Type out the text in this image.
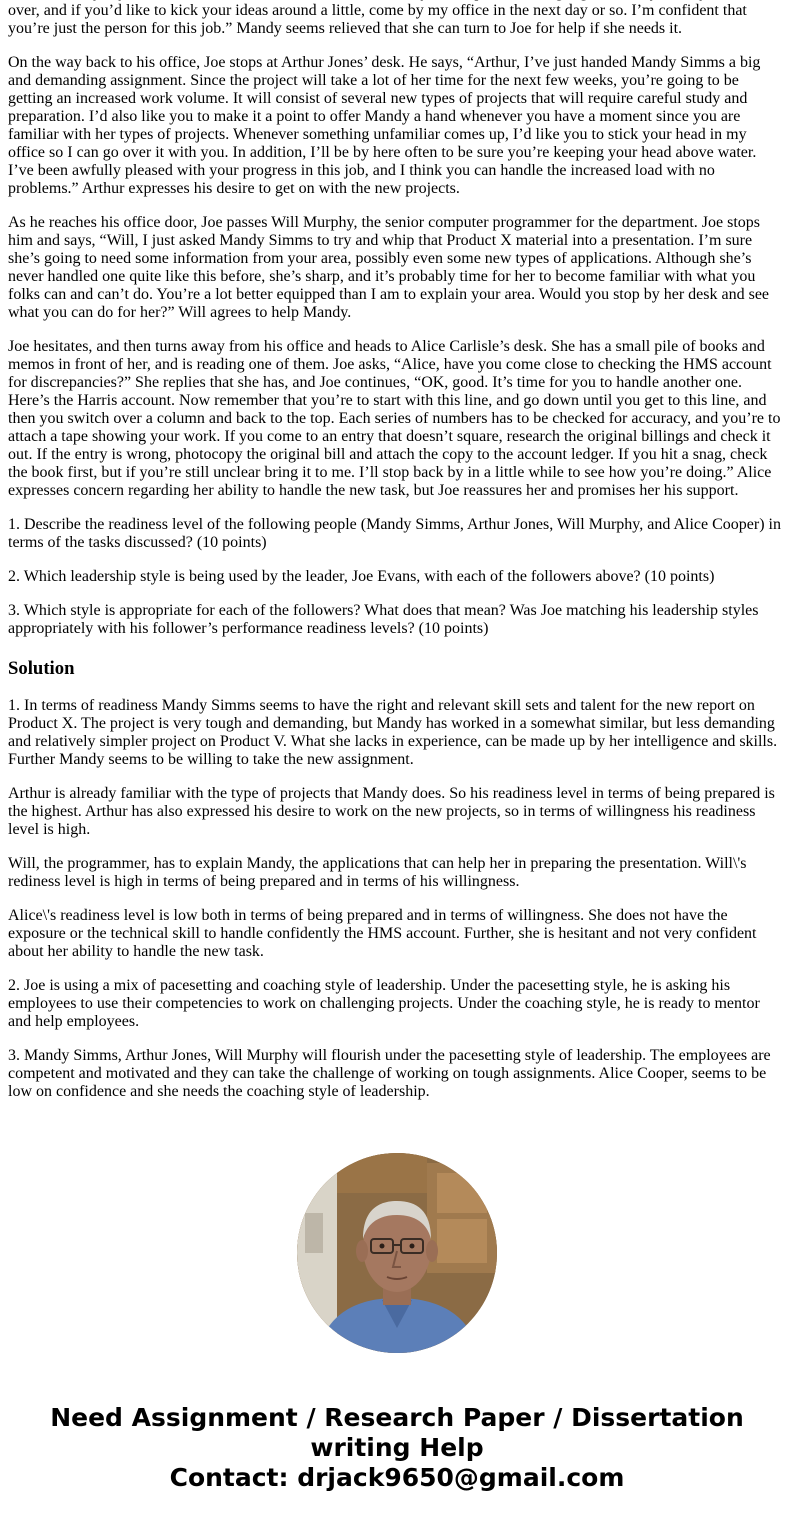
over, and if you’d like to kick your ideas around a little, come by my office in the next day or so. I’m confident that you’re just the person for this job.” Mandy seems relieved that she can turn to Joe for help if she needs it.

On the way back to his office, Joe stops at Arthur Jones’ desk. He says, “Arthur, I’ve just handed Mandy Simms a big and demanding assignment. Since the project will take a lot of her time for the next few weeks, you’re going to be getting an increased work volume. It will consist of several new types of projects that will require careful study and preparation. I’d also like you to make it a point to offer Mandy a hand whenever you have a moment since you are familiar with her types of projects. Whenever something unfamiliar comes up, I’d like you to stick your head in my office so I can go over it with you. In addition, I’ll be by here often to be sure you’re keeping your head above water. I’ve been awfully pleased with your progress in this job, and I think you can handle the increased load with no problems.” Arthur expresses his desire to get on with the new projects.

As he reaches his office door, Joe passes Will Murphy, the senior computer programmer for the department. Joe stops him and says, “Will, I just asked Mandy Simms to try and whip that Product X material into a presentation. I’m sure she’s going to need some information from your area, possibly even some new types of applications. Although she’s never handled one quite like this before, she’s sharp, and it’s probably time for her to become familiar with what you folks can and can’t do. You’re a lot better equipped than I am to explain your area. Would you stop by her desk and see what you can do for her?” Will agrees to help Mandy.

Joe hesitates, and then turns away from his office and heads to Alice Carlisle’s desk. She has a small pile of books and memos in front of her, and is reading one of them. Joe asks, “Alice, have you come close to checking the HMS account for discrepancies?” She replies that she has, and Joe continues, “OK, good. It’s time for you to handle another one. Here’s the Harris account. Now remember that you’re to start with this line, and go down until you get to this line, and then you switch over a column and back to the top. Each series of numbers has to be checked for accuracy, and you’re to attach a tape showing your work. If you come to an entry that doesn’t square, research the original billings and check it out. If the entry is wrong, photocopy the original bill and attach the copy to the account ledger. If you hit a snag, check the book first, but if you’re still unclear bring it to me. I’ll stop back by in a little while to see how you’re doing.” Alice expresses concern regarding her ability to handle the new task, but Joe reassures her and promises her his support.

1. Describe the readiness level of the following people (Mandy Simms, Arthur Jones, Will Murphy, and Alice Cooper) in terms of the tasks discussed? (10 points)

2. Which leadership style is being used by the leader, Joe Evans, with each of the followers above? (10 points)

3. Which style is appropriate for each of the followers? What does that mean? Was Joe matching his leadership styles appropriately with his follower’s performance readiness levels? (10 points)

Solution

1. In terms of readiness Mandy Simms seems to have the right and relevant skill sets and talent for the new report on Product X. The project is very tough and demanding, but Mandy has worked in a somewhat similar, but less demanding and relatively simpler project on Product V. What she lacks in experience, can be made up by her intelligence and skills. Further Mandy seems to be willing to take the new assignment.

Arthur is already familiar with the type of projects that Mandy does. So his readiness level in terms of being prepared is the highest. Arthur has also expressed his desire to work on the new projects, so in terms of willingness his readiness level is high.

Will, the programmer, has to explain Mandy, the applications that can help her in preparing the presentation. Will\'s rediness level is high in terms of being prepared and in terms of his willingness.

Alice\'s readiness level is low both in terms of being prepared and in terms of willingness. She does not have the exposure or the technical skill to handle confidently the HMS account. Further, she is hesitant and not very confident about her ability to handle the new task.

2. Joe is using a mix of pacesetting and coaching style of leadership. Under the pacesetting style, he is asking his employees to use their competencies to work on challenging projects. Under the coaching style, he is ready to mentor and help employees.

3. Mandy Simms, Arthur Jones, Will Murphy will flourish under the pacesetting style of leadership. The employees are competent and motivated and they can take the challenge of working on tough assignments. Alice Cooper, seems to be low on confidence and she needs the coaching style of leadership.

Need Assignment / Research Paper / Dissertation
writing Help
Contact: drjack9650@gmail.com
